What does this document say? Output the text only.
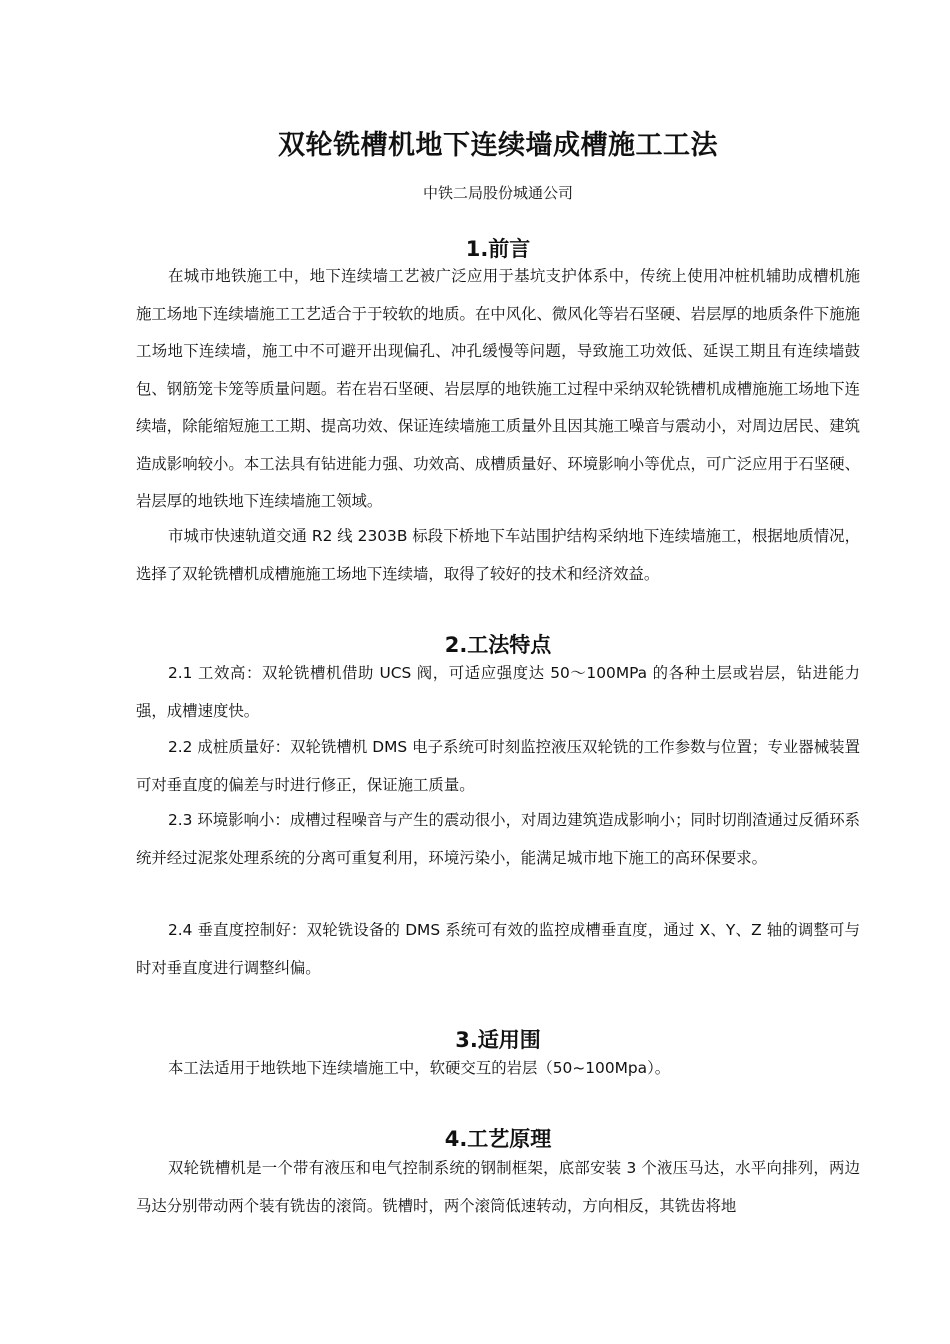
双轮铣槽机地下连续墙成槽施工工法
中铁二局股份城通公司
1.前言

在城市地铁施工中，地下连续墙工艺被广泛应用于基坑支护体系中，传统上使用冲桩机辅助成槽机施施工场地下连续墙施工工艺适合于于较软的地质。在中风化、微风化等岩石坚硬、岩层厚的地质条件下施施工场地下连续墙，施工中不可避开出现偏孔、冲孔缓慢等问题，导致施工功效低、延误工期且有连续墙鼓包、钢筋笼卡笼等质量问题。若在岩石坚硬、岩层厚的地铁施工过程中采纳双轮铣槽机成槽施施工场地下连续墙，除能缩短施工工期、提高功效、保证连续墙施工质量外且因其施工噪音与震动小，对周边居民、建筑造成影响较小。本工法具有钻进能力强、功效高、成槽质量好、环境影响小等优点，可广泛应用于石坚硬、岩层厚的地铁地下连续墙施工领域。

市城市快速轨道交通 R2 线 2303B 标段下桥地下车站围护结构采纳地下连续墙施工，根据地质情况，选择了双轮铣槽机成槽施施工场地下连续墙，取得了较好的技术和经济效益。

2.工法特点

2.1 工效高：双轮铣槽机借助 UCS 阀，可适应强度达 50～100MPa 的各种土层或岩层，钻进能力强，成槽速度快。

2.2 成桩质量好：双轮铣槽机 DMS 电子系统可时刻监控液压双轮铣的工作参数与位置；专业器械装置可对垂直度的偏差与时进行修正，保证施工质量。

2.3 环境影响小：成槽过程噪音与产生的震动很小，对周边建筑造成影响小；同时切削渣通过反循环系统并经过泥浆处理系统的分离可重复利用，环境污染小，能满足城市地下施工的高环保要求。

2.4 垂直度控制好：双轮铣设备的 DMS 系统可有效的监控成槽垂直度，通过 X、Y、Z 轴的调整可与时对垂直度进行调整纠偏。

3.适用围

本工法适用于地铁地下连续墙施工中，软硬交互的岩层（50~100Mpa）。

4.工艺原理

双轮铣槽机是一个带有液压和电气控制系统的钢制框架，底部安装 3 个液压马达，水平向排列，两边马达分别带动两个装有铣齿的滚筒。铣槽时，两个滚筒低速转动，方向相反，其铣齿将地
